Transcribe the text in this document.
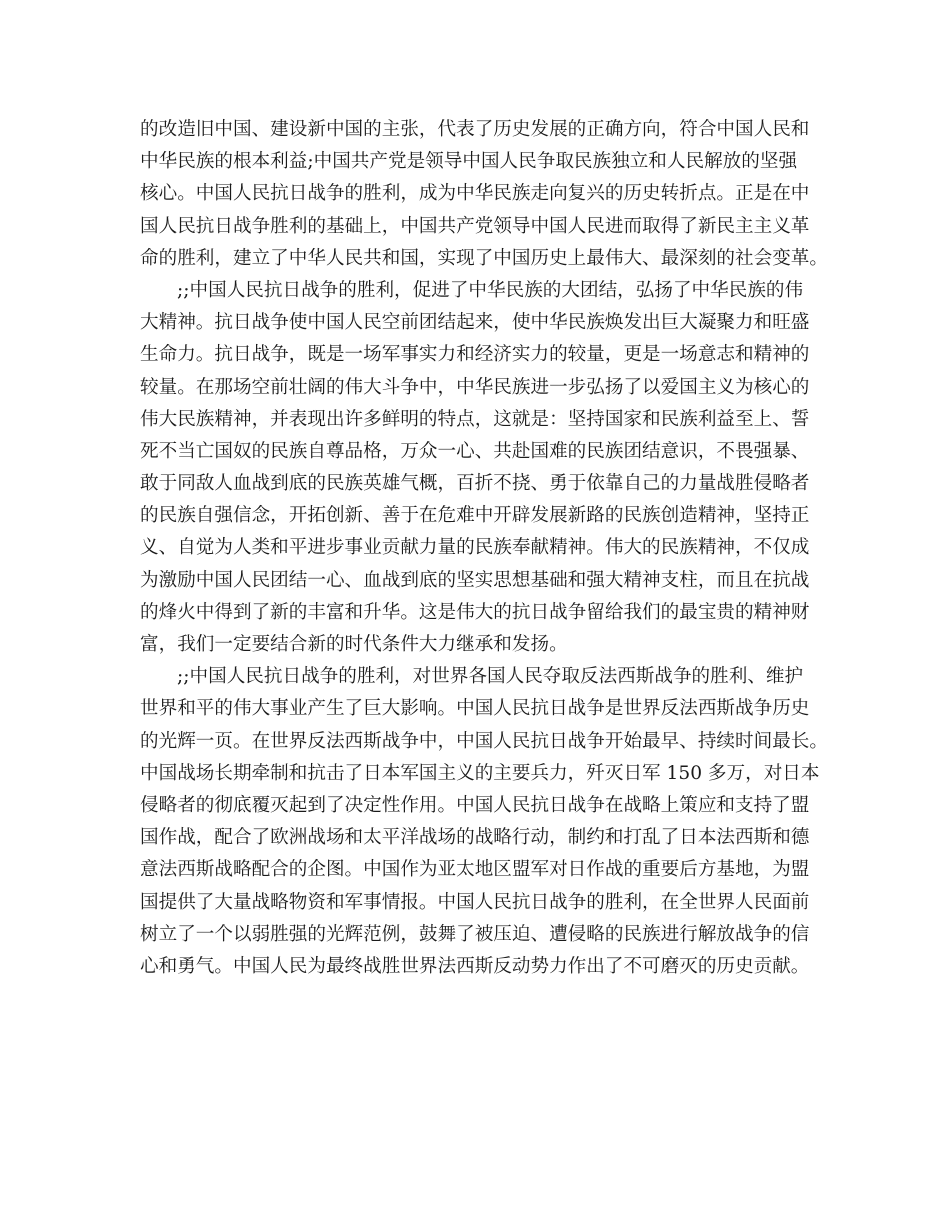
的改造旧中国、建设新中国的主张，代表了历史发展的正确方向，符合中国人民和
中华民族的根本利益;中国共产党是领导中国人民争取民族独立和人民解放的坚强
核心。中国人民抗日战争的胜利，成为中华民族走向复兴的历史转折点。正是在中
国人民抗日战争胜利的基础上，中国共产党领导中国人民进而取得了新民主主义革
命的胜利，建立了中华人民共和国，实现了中国历史上最伟大、最深刻的社会变革。
;;中国人民抗日战争的胜利，促进了中华民族的大团结，弘扬了中华民族的伟
大精神。抗日战争使中国人民空前团结起来，使中华民族焕发出巨大凝聚力和旺盛
生命力。抗日战争，既是一场军事实力和经济实力的较量，更是一场意志和精神的
较量。在那场空前壮阔的伟大斗争中，中华民族进一步弘扬了以爱国主义为核心的
伟大民族精神，并表现出许多鲜明的特点，这就是：坚持国家和民族利益至上、誓
死不当亡国奴的民族自尊品格，万众一心、共赴国难的民族团结意识，不畏强暴、
敢于同敌人血战到底的民族英雄气概，百折不挠、勇于依靠自己的力量战胜侵略者
的民族自强信念，开拓创新、善于在危难中开辟发展新路的民族创造精神，坚持正
义、自觉为人类和平进步事业贡献力量的民族奉献精神。伟大的民族精神，不仅成
为激励中国人民团结一心、血战到底的坚实思想基础和强大精神支柱，而且在抗战
的烽火中得到了新的丰富和升华。这是伟大的抗日战争留给我们的最宝贵的精神财
富，我们一定要结合新的时代条件大力继承和发扬。
;;中国人民抗日战争的胜利，对世界各国人民夺取反法西斯战争的胜利、维护
世界和平的伟大事业产生了巨大影响。中国人民抗日战争是世界反法西斯战争历史
的光辉一页。在世界反法西斯战争中，中国人民抗日战争开始最早、持续时间最长。
中国战场长期牵制和抗击了日本军国主义的主要兵力，歼灭日军 150 多万，对日本
侵略者的彻底覆灭起到了决定性作用。中国人民抗日战争在战略上策应和支持了盟
国作战，配合了欧洲战场和太平洋战场的战略行动，制约和打乱了日本法西斯和德
意法西斯战略配合的企图。中国作为亚太地区盟军对日作战的重要后方基地，为盟
国提供了大量战略物资和军事情报。中国人民抗日战争的胜利，在全世界人民面前
树立了一个以弱胜强的光辉范例，鼓舞了被压迫、遭侵略的民族进行解放战争的信
心和勇气。中国人民为最终战胜世界法西斯反动势力作出了不可磨灭的历史贡献。
